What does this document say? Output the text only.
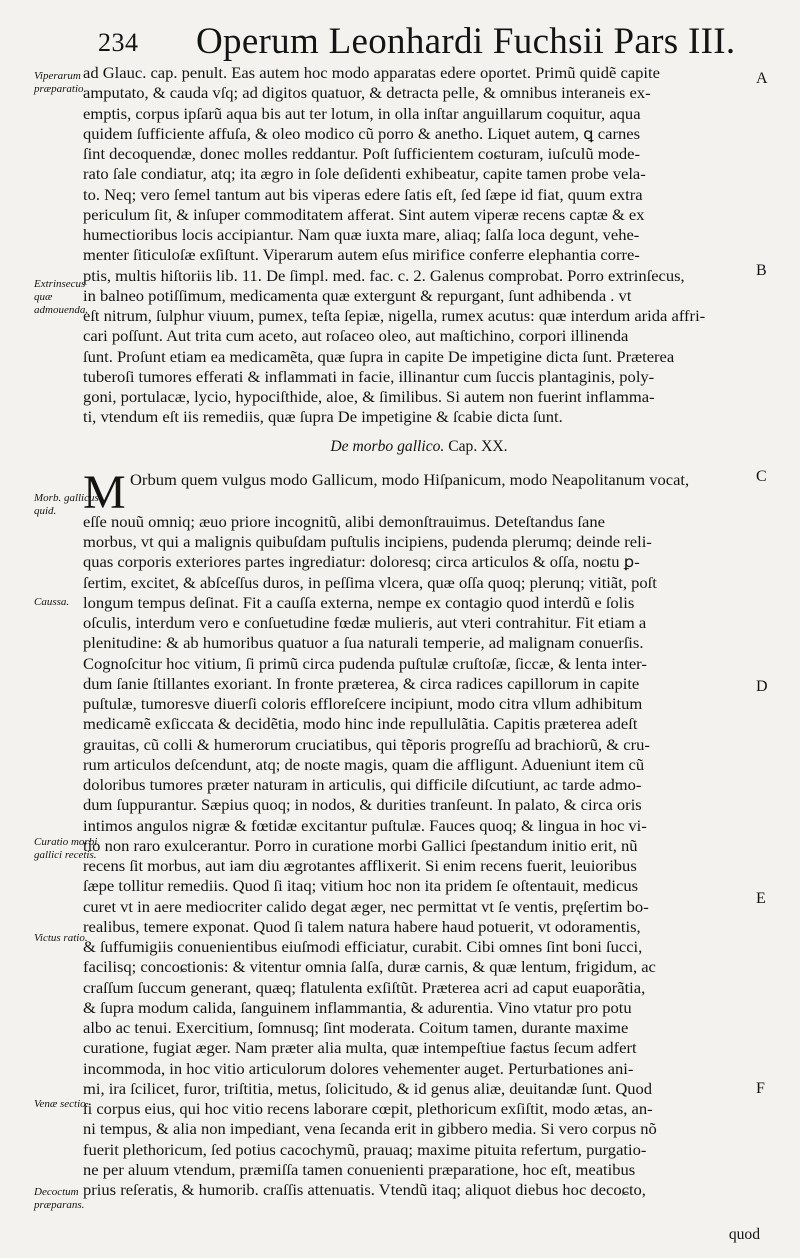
234 Operum Leonhardi Fuchsii Pars III.
Viperarum præparatio.
Extrinsecus quæ admouenda.
Morb. gallicus quid.
Caussa.
Curatio morbi gallici recetis.
Victus ratio.
Venæ sectio.
Decoctum præparans.
A
B
C
D
E
F
ad Glauc. cap. penult. Eas autem hoc modo apparatas edere oportet. Primũ quidẽ capite
amputato, & cauda vſq; ad digitos quatuor, & detracta pelle, & omnibus interaneis ex-
emptis, corpus ipſarũ aqua bis aut ter lotum, in olla inſtar anguillarum coquitur, aqua
quidem ſufficiente affuſa, & oleo modico cũ porro & anetho. Liquet autem, ꝗ carnes
ſint decoquendæ, donec molles reddantur. Poſt ſufficientem coɕturam, iuſculũ mode-
rato ſale condiatur, atq; ita ægro in ſole deſidenti exhibeatur, capite tamen probe vela-
to. Neq; vero ſemel tantum aut bis viperas edere ſatis eſt, ſed ſæpe id fiat, quum extra
periculum ſit, & inſuper commoditatem afferat. Sint autem viperæ recens captæ & ex
humectioribus locis accipiantur. Nam quæ iuxta mare, aliaq; ſalſa loca degunt, vehe-
menter ſiticuloſæ exſiſtunt. Viperarum autem eſus mirifice conferre elephantia corre-
ptis, multis hiſtoriis lib. 11. De ſimpl. med. fac. c. 2. Galenus comprobat. Porro extrinſecus,
in balneo potiſſimum, medicamenta quæ extergunt & repurgant, ſunt adhibenda . vt
eſt nitrum, ſulphur viuum, pumex, teſta ſepiæ, nigella, rumex acutus: quæ interdum arida affri-
cari poſſunt. Aut trita cum aceto, aut roſaceo oleo, aut maſtichino, corpori illinenda
ſunt. Proſunt etiam ea medicamẽta, quæ ſupra in capite De impetigine dicta ſunt. Præterea
tuberoſi tumores efferati & inflammati in facie, illinantur cum ſuccis plantaginis, poly-
goni, portulacæ, lycio, hypociſthide, aloe, & ſimilibus. Si autem non fuerint inflamma-
ti, vtendum eſt iis remediis, quæ ſupra De impetigine & ſcabie dicta ſunt.
De morbo gallico. Cap. XX.
M Orbum quem vulgus modo Gallicum, modo Hiſpanicum, modo Neapolitanum vocat,
eſſe nouũ omniq; æuo priore incognitũ, alibi demonſtrauimus. Deteſtandus ſane
morbus, vt qui a malignis quibuſdam puſtulis incipiens, pudenda plerumq; deinde reli-
quas corporis exteriores partes ingrediatur: doloresq; circa articulos & oſſa, noɕtu ꝑ-
ſertim, excitet, & abſceſſus duros, in peſſima vlcera, quæ oſſa quoq; plerunq; vitiãt, poſt
longum tempus deſinat. Fit a cauſſa externa, nempe ex contagio quod interdũ e ſolis
oſculis, interdum vero e conſuetudine fœdæ mulieris, aut vteri contrahitur. Fit etiam a
plenitudine: & ab humoribus quatuor a ſua naturali temperie, ad malignam conuerſis.
Cognoſcitur hoc vitium, ſi primũ circa pudenda puſtulæ cruſtoſæ, ſiccæ, & lenta inter-
dum ſanie ſtillantes exoriant. In fronte præterea, & circa radices capillorum in capite
puſtulæ, tumoresve diuerſi coloris effloreſcere incipiunt, modo citra vllum adhibitum
medicamẽ exſiccata & decidẽtia, modo hinc inde repullulãtia. Capitis præterea adeſt
grauitas, cũ colli & humerorum cruciatibus, qui tẽporis progreſſu ad brachiorũ, & cru-
rum articulos deſcendunt, atq; de noɕte magis, quam die affligunt. Adueniunt item cũ
doloribus tumores præter naturam in articulis, qui difficile diſcutiunt, ac tarde admo-
dum ſuppurantur. Sæpius quoq; in nodos, & durities tranſeunt. In palato, & circa oris
intimos angulos nigræ & fœtidæ excitantur puſtulæ. Fauces quoq; & lingua in hoc vi-
tio non raro exulcerantur. Porro in curatione morbi Gallici ſpeɕtandum initio erit, nũ
recens ſit morbus, aut iam diu ægrotantes afflixerit. Si enim recens fuerit, leuioribus
ſæpe tollitur remediis. Quod ſi itaq; vitium hoc non ita pridem ſe oſtentauit, medicus
curet vt in aere mediocriter calido degat æger, nec permittat vt ſe ventis, pręſertim bo-
realibus, temere exponat. Quod ſi talem natura habere haud potuerit, vt odoramentis,
& ſuffumigiis conuenientibus eiuſmodi efficiatur, curabit. Cibi omnes ſint boni ſucci,
facilisq; concoɕtionis: & vitentur omnia ſalſa, duræ carnis, & quæ lentum, frigidum, ac
craſſum ſuccum generant, quæq; flatulenta exſiſtũt. Præterea acri ad caput euaporãtia,
& ſupra modum calida, ſanguinem inflammantia, & adurentia. Vino vtatur pro potu
albo ac tenui. Exercitium, ſomnusq; ſint moderata. Coitum tamen, durante maxime
curatione, fugiat æger. Nam præter alia multa, quæ intempeſtiue faɕtus ſecum adfert
incommoda, in hoc vitio articulorum dolores vehementer auget. Perturbationes ani-
mi, ira ſcilicet, furor, triſtitia, metus, ſolicitudo, & id genus aliæ, deuitandæ ſunt. Quod
ſi corpus eius, qui hoc vitio recens laborare cœpit, plethoricum exſiſtit, modo ætas, an-
ni tempus, & alia non impediant, vena ſecanda erit in gibbero media. Si vero corpus nõ
fuerit plethoricum, ſed potius cacochymũ, prauaq; maxime pituita refertum, purgatio-
ne per aluum vtendum, præmiſſa tamen conuenienti præparatione, hoc eſt, meatibus
prius reſeratis, & humorib. craſſis attenuatis. Vtendũ itaq; aliquot diebus hoc decoɕto,
quod
